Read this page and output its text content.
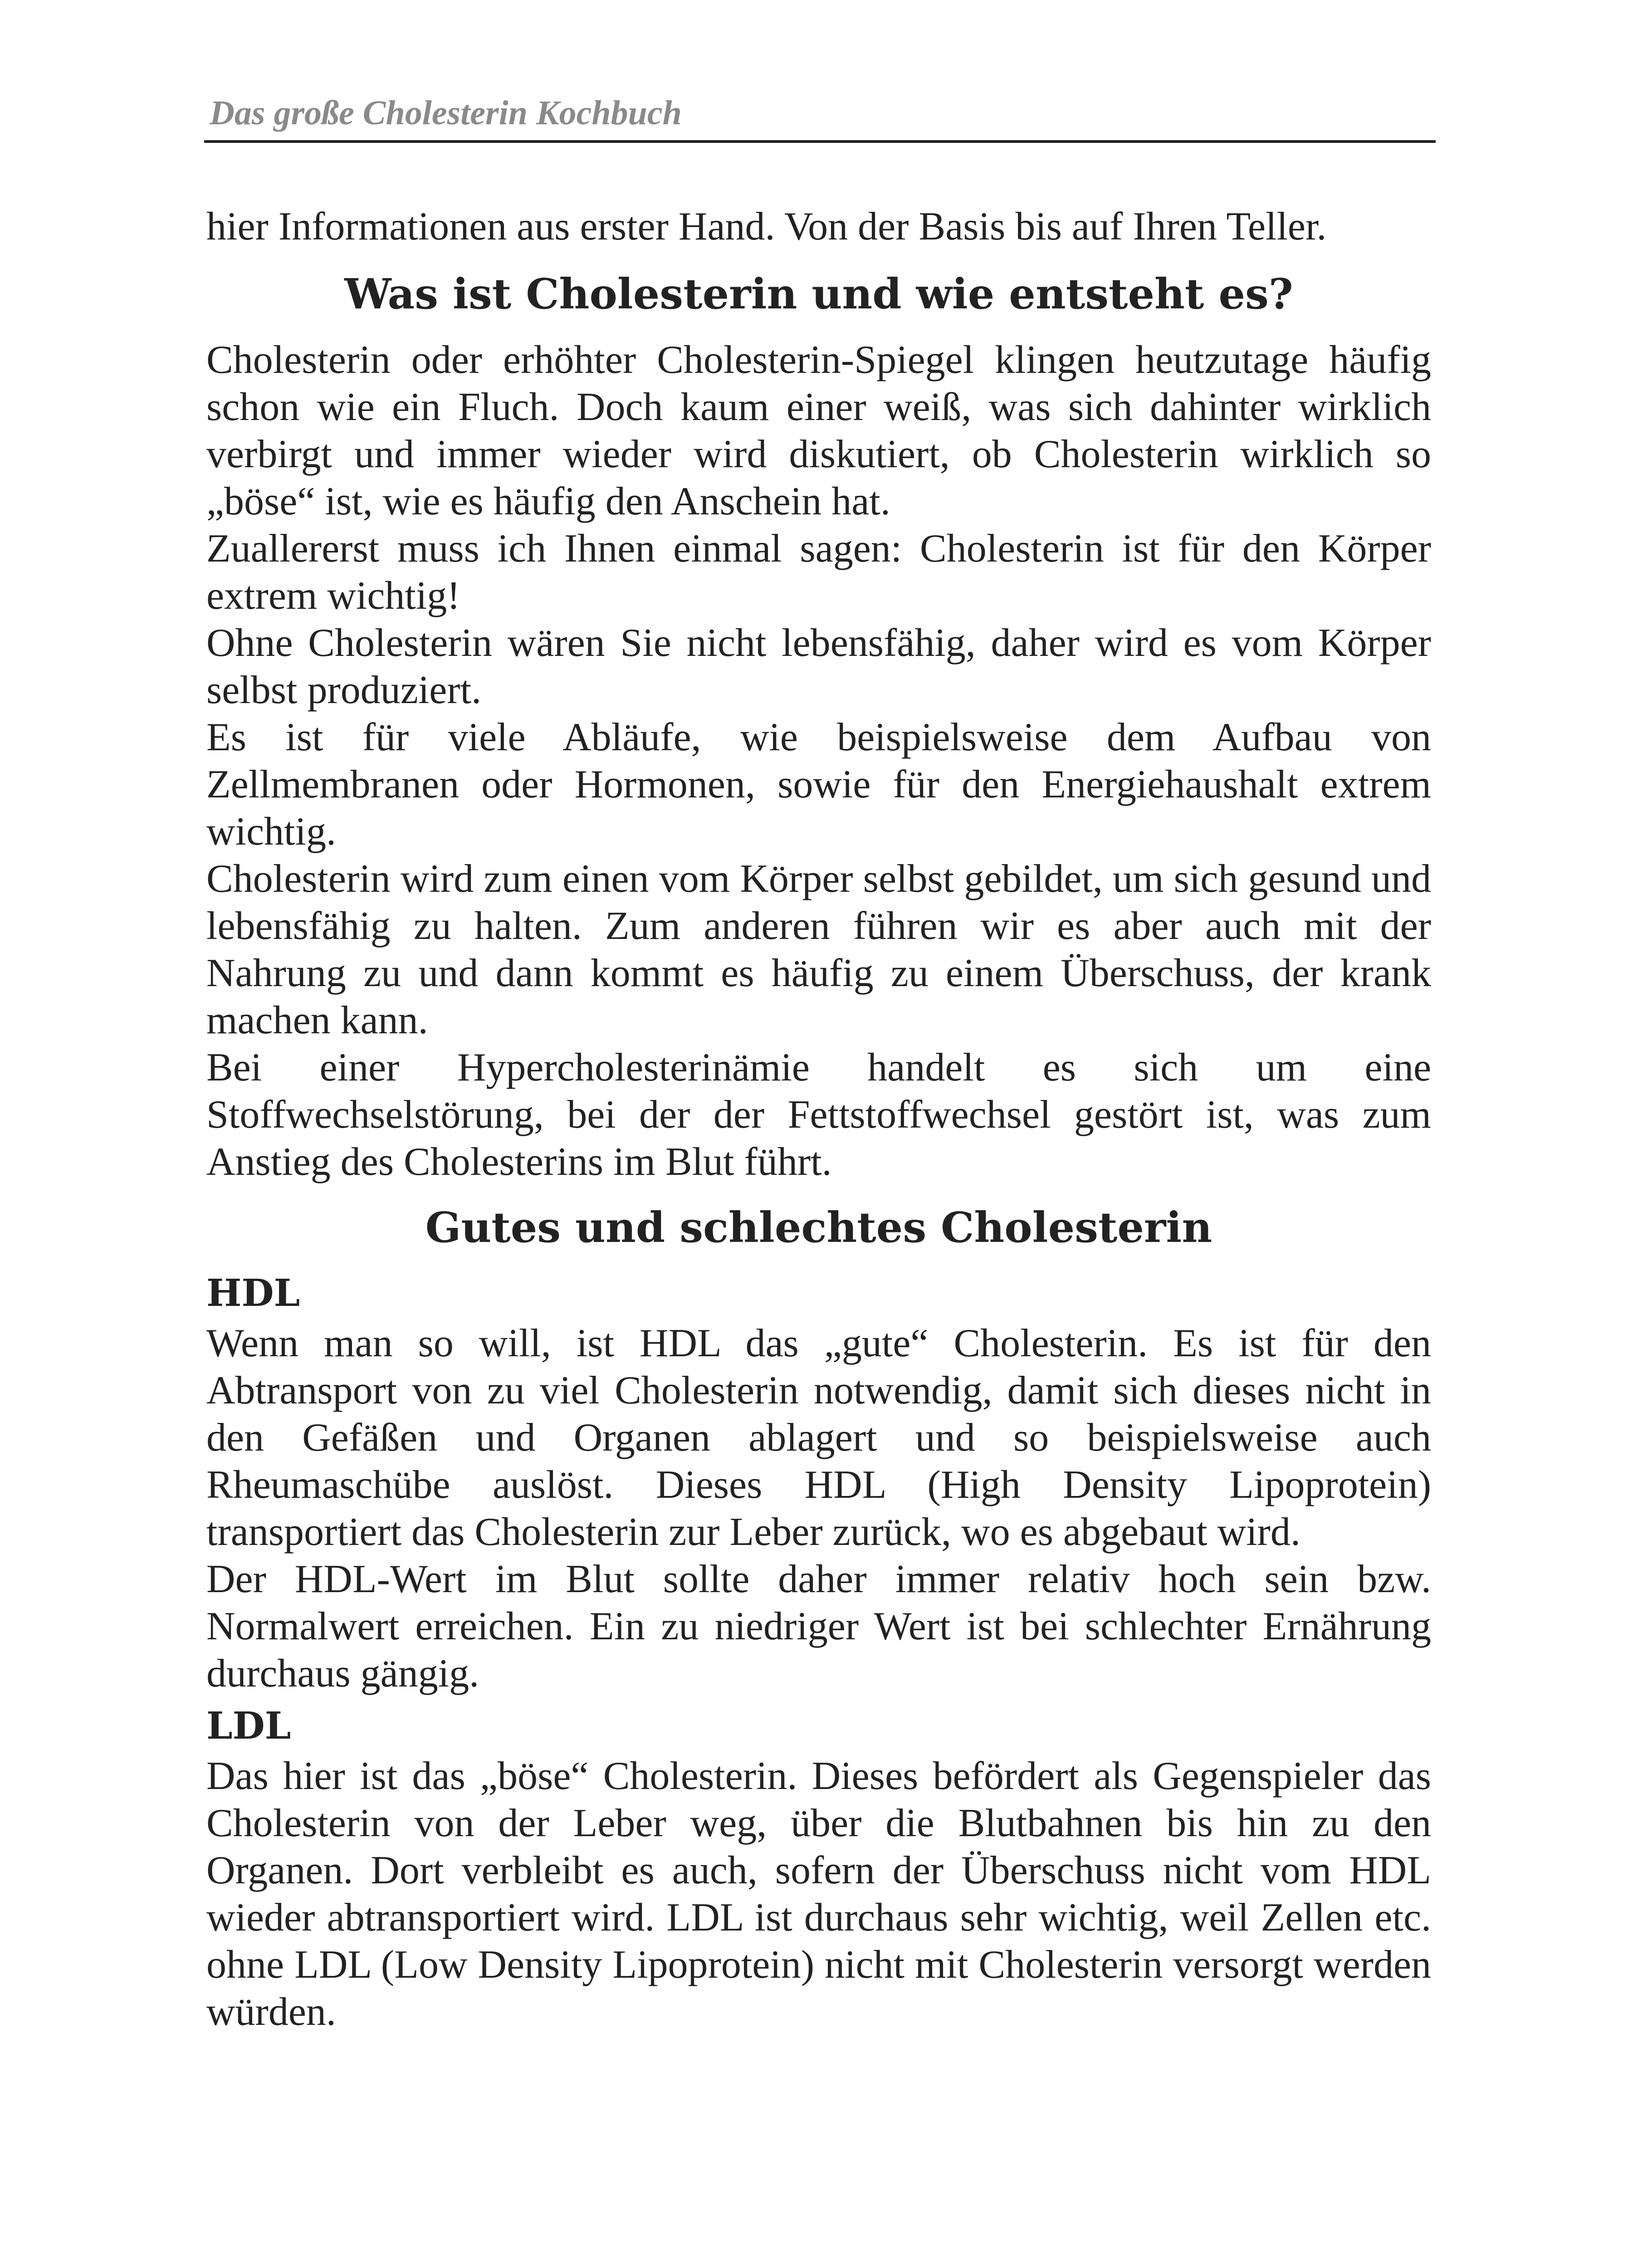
Das große Cholesterin Kochbuch

hier Informationen aus erster Hand. Von der Basis bis auf Ihren Teller.

Was ist Cholesterin und wie entsteht es?

Cholesterin oder erhöhter Cholesterin-Spiegel klingen heutzutage häufig schon wie ein Fluch. Doch kaum einer weiß, was sich dahinter wirklich verbirgt und immer wieder wird diskutiert, ob Cholesterin wirklich so „böse“ ist, wie es häufig den Anschein hat.

Zuallererst muss ich Ihnen einmal sagen: Cholesterin ist für den Körper extrem wichtig!

Ohne Cholesterin wären Sie nicht lebensfähig, daher wird es vom Körper selbst produziert.

Es ist für viele Abläufe, wie beispielsweise dem Aufbau von Zellmembranen oder Hormonen, sowie für den Energiehaushalt extrem wichtig.

Cholesterin wird zum einen vom Körper selbst gebildet, um sich gesund und lebensfähig zu halten. Zum anderen führen wir es aber auch mit der Nahrung zu und dann kommt es häufig zu einem Überschuss, der krank machen kann.

Bei einer Hypercholesterinämie handelt es sich um eine Stoffwechselstörung, bei der der Fettstoffwechsel gestört ist, was zum Anstieg des Cholesterins im Blut führt.

Gutes und schlechtes Cholesterin
HDL

Wenn man so will, ist HDL das „gute“ Cholesterin. Es ist für den Abtransport von zu viel Cholesterin notwendig, damit sich dieses nicht in den Gefäßen und Organen ablagert und so beispielsweise auch Rheumaschübe auslöst. Dieses HDL (High Density Lipoprotein) transportiert das Cholesterin zur Leber zurück, wo es abgebaut wird.

Der HDL-Wert im Blut sollte daher immer relativ hoch sein bzw. Normalwert erreichen. Ein zu niedriger Wert ist bei schlechter Ernährung durchaus gängig.

LDL

Das hier ist das „böse“ Cholesterin. Dieses befördert als Gegenspieler das Cholesterin von der Leber weg, über die Blutbahnen bis hin zu den Organen. Dort verbleibt es auch, sofern der Überschuss nicht vom HDL wieder abtransportiert wird. LDL ist durchaus sehr wichtig, weil Zellen etc. ohne LDL (Low Density Lipoprotein) nicht mit Cholesterin versorgt werden würden.
